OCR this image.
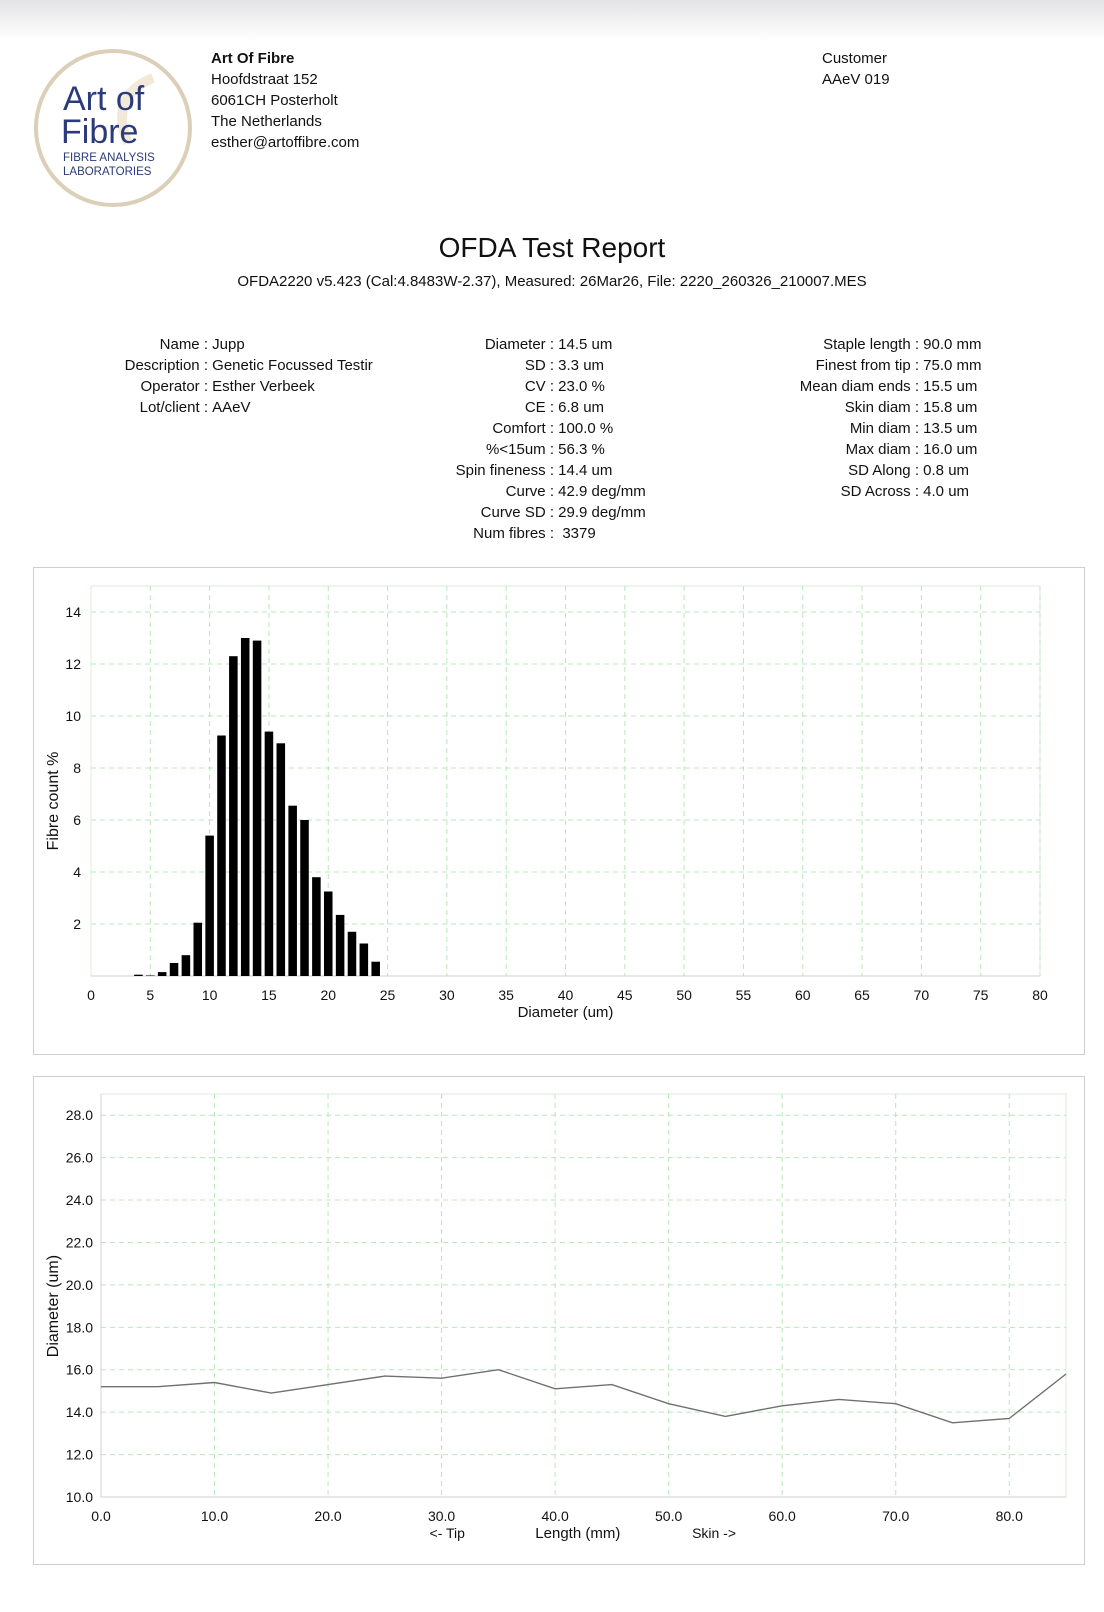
Art of
Fibre
FIBRE ANALYSIS
LABORATORIES
Art Of Fibre
Hoofdstraat 152
6061CH Posterholt
The Netherlands
esther@artoffibre.com
Customer
AAeV 019
OFDA Test Report
OFDA2220 v5.423 (Cal:4.8483W-2.37), Measured: 26Mar26, File: 2220_260326_210007.MES
Name :
Jupp
Description :
Genetic Focussed Testir
Operator :
Esther Verbeek
Lot/client :
AAeV
Diameter :
14.5 um
SD :
3.3 um
CV :
23.0 %
CE :
6.8 um
Comfort :
100.0 %
%<15um :
56.3 %
Spin fineness :
14.4 um
Curve :
42.9 deg/mm
Curve SD :
29.9 deg/mm
Num fibres :
3379
Staple length :
90.0 mm
Finest from tip :
75.0 mm
Mean diam ends :
15.5 um
Skin diam :
15.8 um
Min diam :
13.5 um
Max diam :
16.0 um
SD Along :
0.8 um
SD Across :
4.0 um
0	5	10	15	20	25	30	35	40	45	50	55	60	65	70	75	80
2
4
6
8
10
12
14
Diameter (um)
Fibre count %
0.0	10.0	20.0	30.0	40.0	50.0	60.0	70.0	80.0
10.0
12.0
14.0
16.0
18.0
20.0
22.0
24.0
26.0
28.0
<- Tip	Length (mm)	Skin ->
Diameter (um)
